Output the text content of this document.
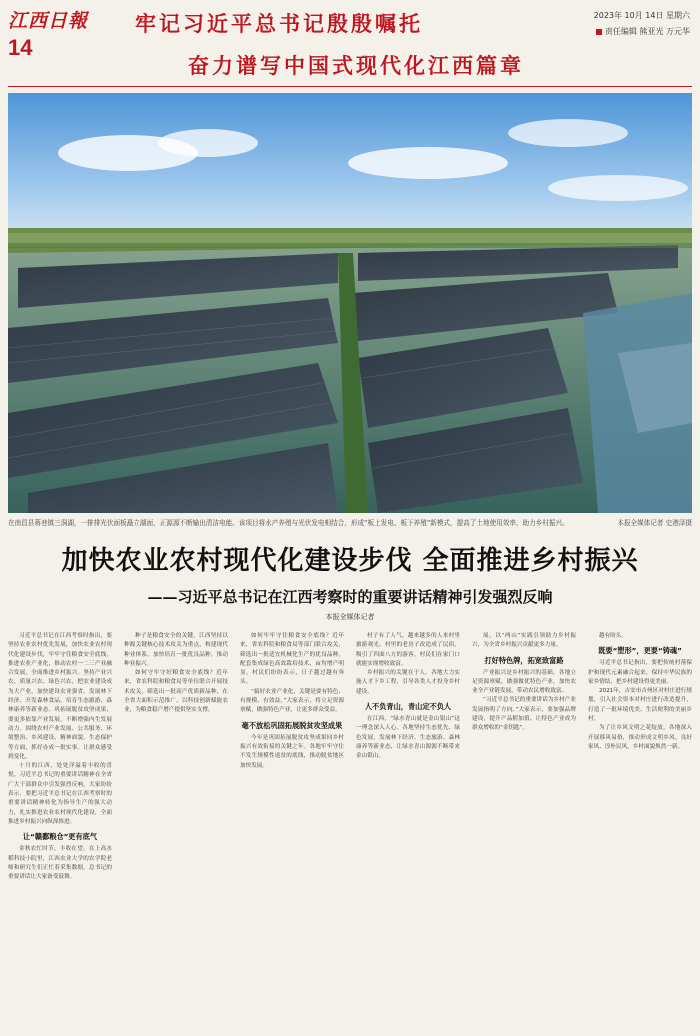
江西日報
14
牢记习近平总书记殷殷嘱托
奋力谱写中国式现代化江西篇章
2023年 10月 14日 星期六
责任编辑 熊亚光 万元华
在南昌县蒋巷镇三洞湖，一排排光伏面板矗立湖面，正源源不断输出清洁电能。该项目将水产养殖与光伏发电相结合，形成“板上发电、板下养殖”新模式，提高了土地使用效率，助力乡村振兴。	本报全媒体记者 史港泽摄
加快农业农村现代化建设步伐 全面推进乡村振兴
——习近平总书记在江西考察时的重要讲话精神引发强烈反响
本报全媒体记者

习近平总书记在江西考察时指出，要坚持农业农村优先发展，加快农业农村现代化建设步伐，牢牢守住粮食安全底线，推进农业产业化，推动农村一二三产业融合发展，全面推进乡村振兴。坚持产业兴农、质量兴农、绿色兴农，把农业建设成为大产业，加快建设农业强省。发展林下经济，开发森林食品，培育生态旅游、森林康养等新业态。巩拓展脱贫攻坚成果，要更多依靠产业发展，不断增强内生发展动力。围绕农村产业发展、公共服务、环境整治、乡风建设、精神面貌、生态保护等方面，抓好办成一批实事。让群众感受到变化。

十月的江西，处处洋溢着丰收的喜悦。习近平总书记的重要讲话精神在全省广大干部群众中引发强烈反响。大家纷纷表示，要把习近平总书记在江西考察时的重要讲话精神转化为指导生产的强大动力，扎实推进农业农村现代化建设，全面推进乡村振兴向纵深推进。

让“赣鄱粮仓”更有底气

金秋农忙时节，丰收在望。在上高水稻科技小院里，江西农业大学的农学院老师和研究生们正忙着采集数据。总书记的重要讲话让大家备受鼓舞。

种子是粮食安全的关键。江西坚持以种源关键核心技术攻关为重点，构建现代种业体系，加快培育一批优良品种，推动种业振兴。

如何守牢守好粮食安全底线？近年来，省农科院和粮食局等单位联合开展技术攻关，筛选出一批高产优质新品种，在全省大面积示范推广。以科技创新赋能农业，为粮食稳产增产提供坚实支撑。

如何牢牢守住粮食安全底线？近年来，省农科院和粮食局等部门联合攻关，筛选出一批适宜机械化生产的优良品种，配套集成绿色高效栽培技术，亩均增产明显。村民们纷纷表示，日子越过越有奔头。

“搞好农业产业化，关键是要有特色、有规模、有效益。”大家表示，将立足资源禀赋，做强特色产业，让更多群众受益。

毫不放松巩固拓展脱贫攻坚成果

今年是巩固拓展脱贫攻坚成果同乡村振兴有效衔接的关键之年。各地牢牢守住不发生规模性返贫的底线，推动脱贫地区加快发展。

村子有了人气，越来越多的人来村里旅游观光。村里的老房子改造成了民宿，吸引了四面八方的游客。村民们在家门口就能实现增收致富。

乡村振兴的关键在于人。各地大力实施人才下乡工程，引导各类人才投身乡村建设。

人不负青山，青山定不负人

在江西，“绿水青山就是金山银山”这一理念深入人心。各地坚持生态优先、绿色发展，发展林下经济、生态旅游、森林康养等新业态，让绿水青山源源不断带来金山银山。

展，以“两山”实践引领助力乡村振兴，为全省乡村振兴贡献更多力量。

打好特色牌，拓宽致富路

产业振兴是乡村振兴的基础。各地立足资源禀赋，做强做优特色产业，加快农业全产业链发展，带动农民增收致富。

“习近平总书记的重要讲话为乡村产业发展指明了方向。”大家表示，要加强品牌建设，提升产品附加值，让特色产业成为群众增收的“金钥匙”。

越有盼头。

既要“塑形”，更要“铸魂”

习近平总书记指出，要把传统村落保护和现代元素融合起来，保持中华民族的家乡情结，把乡村建设得更美丽。

2021年，吉安市吉州区对村庄进行规划，引入社会资本对村庄进行改造提升，打造了一批环境优美、生活便利的美丽乡村。

为了让乡风文明之花绽放，各地深入开展移风易俗，推动形成文明乡风、良好家风、淳朴民风，乡村面貌焕然一新。
